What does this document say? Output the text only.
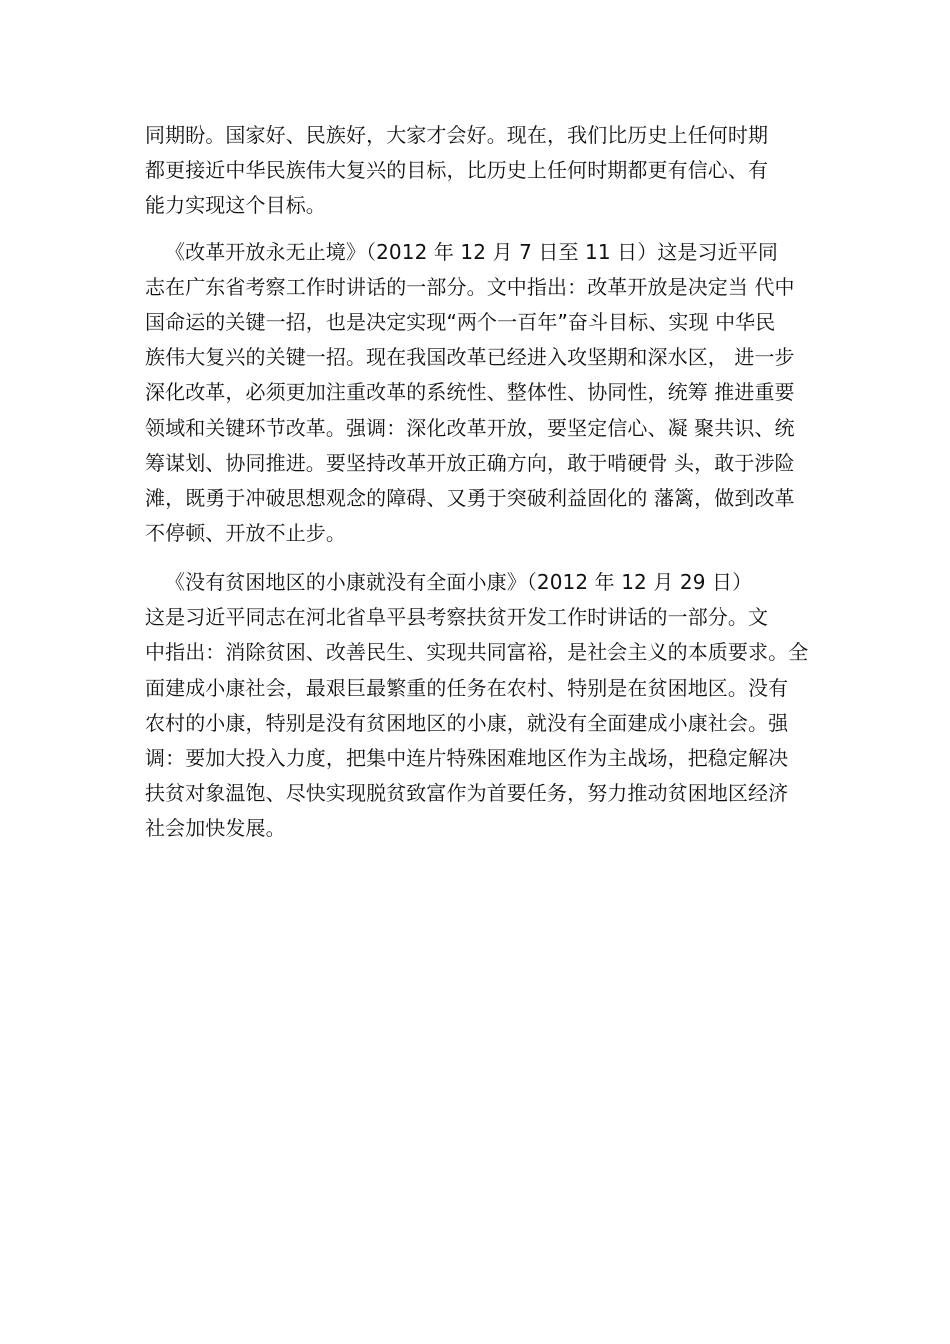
同期盼。国家好、民族好，大家才会好。现在，我们比历史上任何时期
都更接近中华民族伟大复兴的目标，比历史上任何时期都更有信心、有
能力实现这个目标。
《改革开放永无止境》（2012 年 12 月 7 日至 11 日）这是习近平同
志在广东省考察工作时讲话的一部分。文中指出：改革开放是决定当 代中
国命运的关键一招，也是决定实现“两个一百年”奋斗目标、实现 中华民
族伟大复兴的关键一招。现在我国改革已经进入攻坚期和深水区， 进一步
深化改革，必须更加注重改革的系统性、整体性、协同性，统筹 推进重要
领域和关键环节改革。强调：深化改革开放，要坚定信心、凝 聚共识、统
筹谋划、协同推进。要坚持改革开放正确方向，敢于啃硬骨 头，敢于涉险
滩，既勇于冲破思想观念的障碍、又勇于突破利益固化的 藩篱，做到改革
不停顿、开放不止步。
《没有贫困地区的小康就没有全面小康》（2012 年 12 月 29 日）
这是习近平同志在河北省阜平县考察扶贫开发工作时讲话的一部分。文
中指出：消除贫困、改善民生、实现共同富裕，是社会主义的本质要求。全
面建成小康社会，最艰巨最繁重的任务在农村、特别是在贫困地区。没有
农村的小康，特别是没有贫困地区的小康，就没有全面建成小康社会。强
调：要加大投入力度，把集中连片特殊困难地区作为主战场，把稳定解决
扶贫对象温饱、尽快实现脱贫致富作为首要任务，努力推动贫困地区经济
社会加快发展。
